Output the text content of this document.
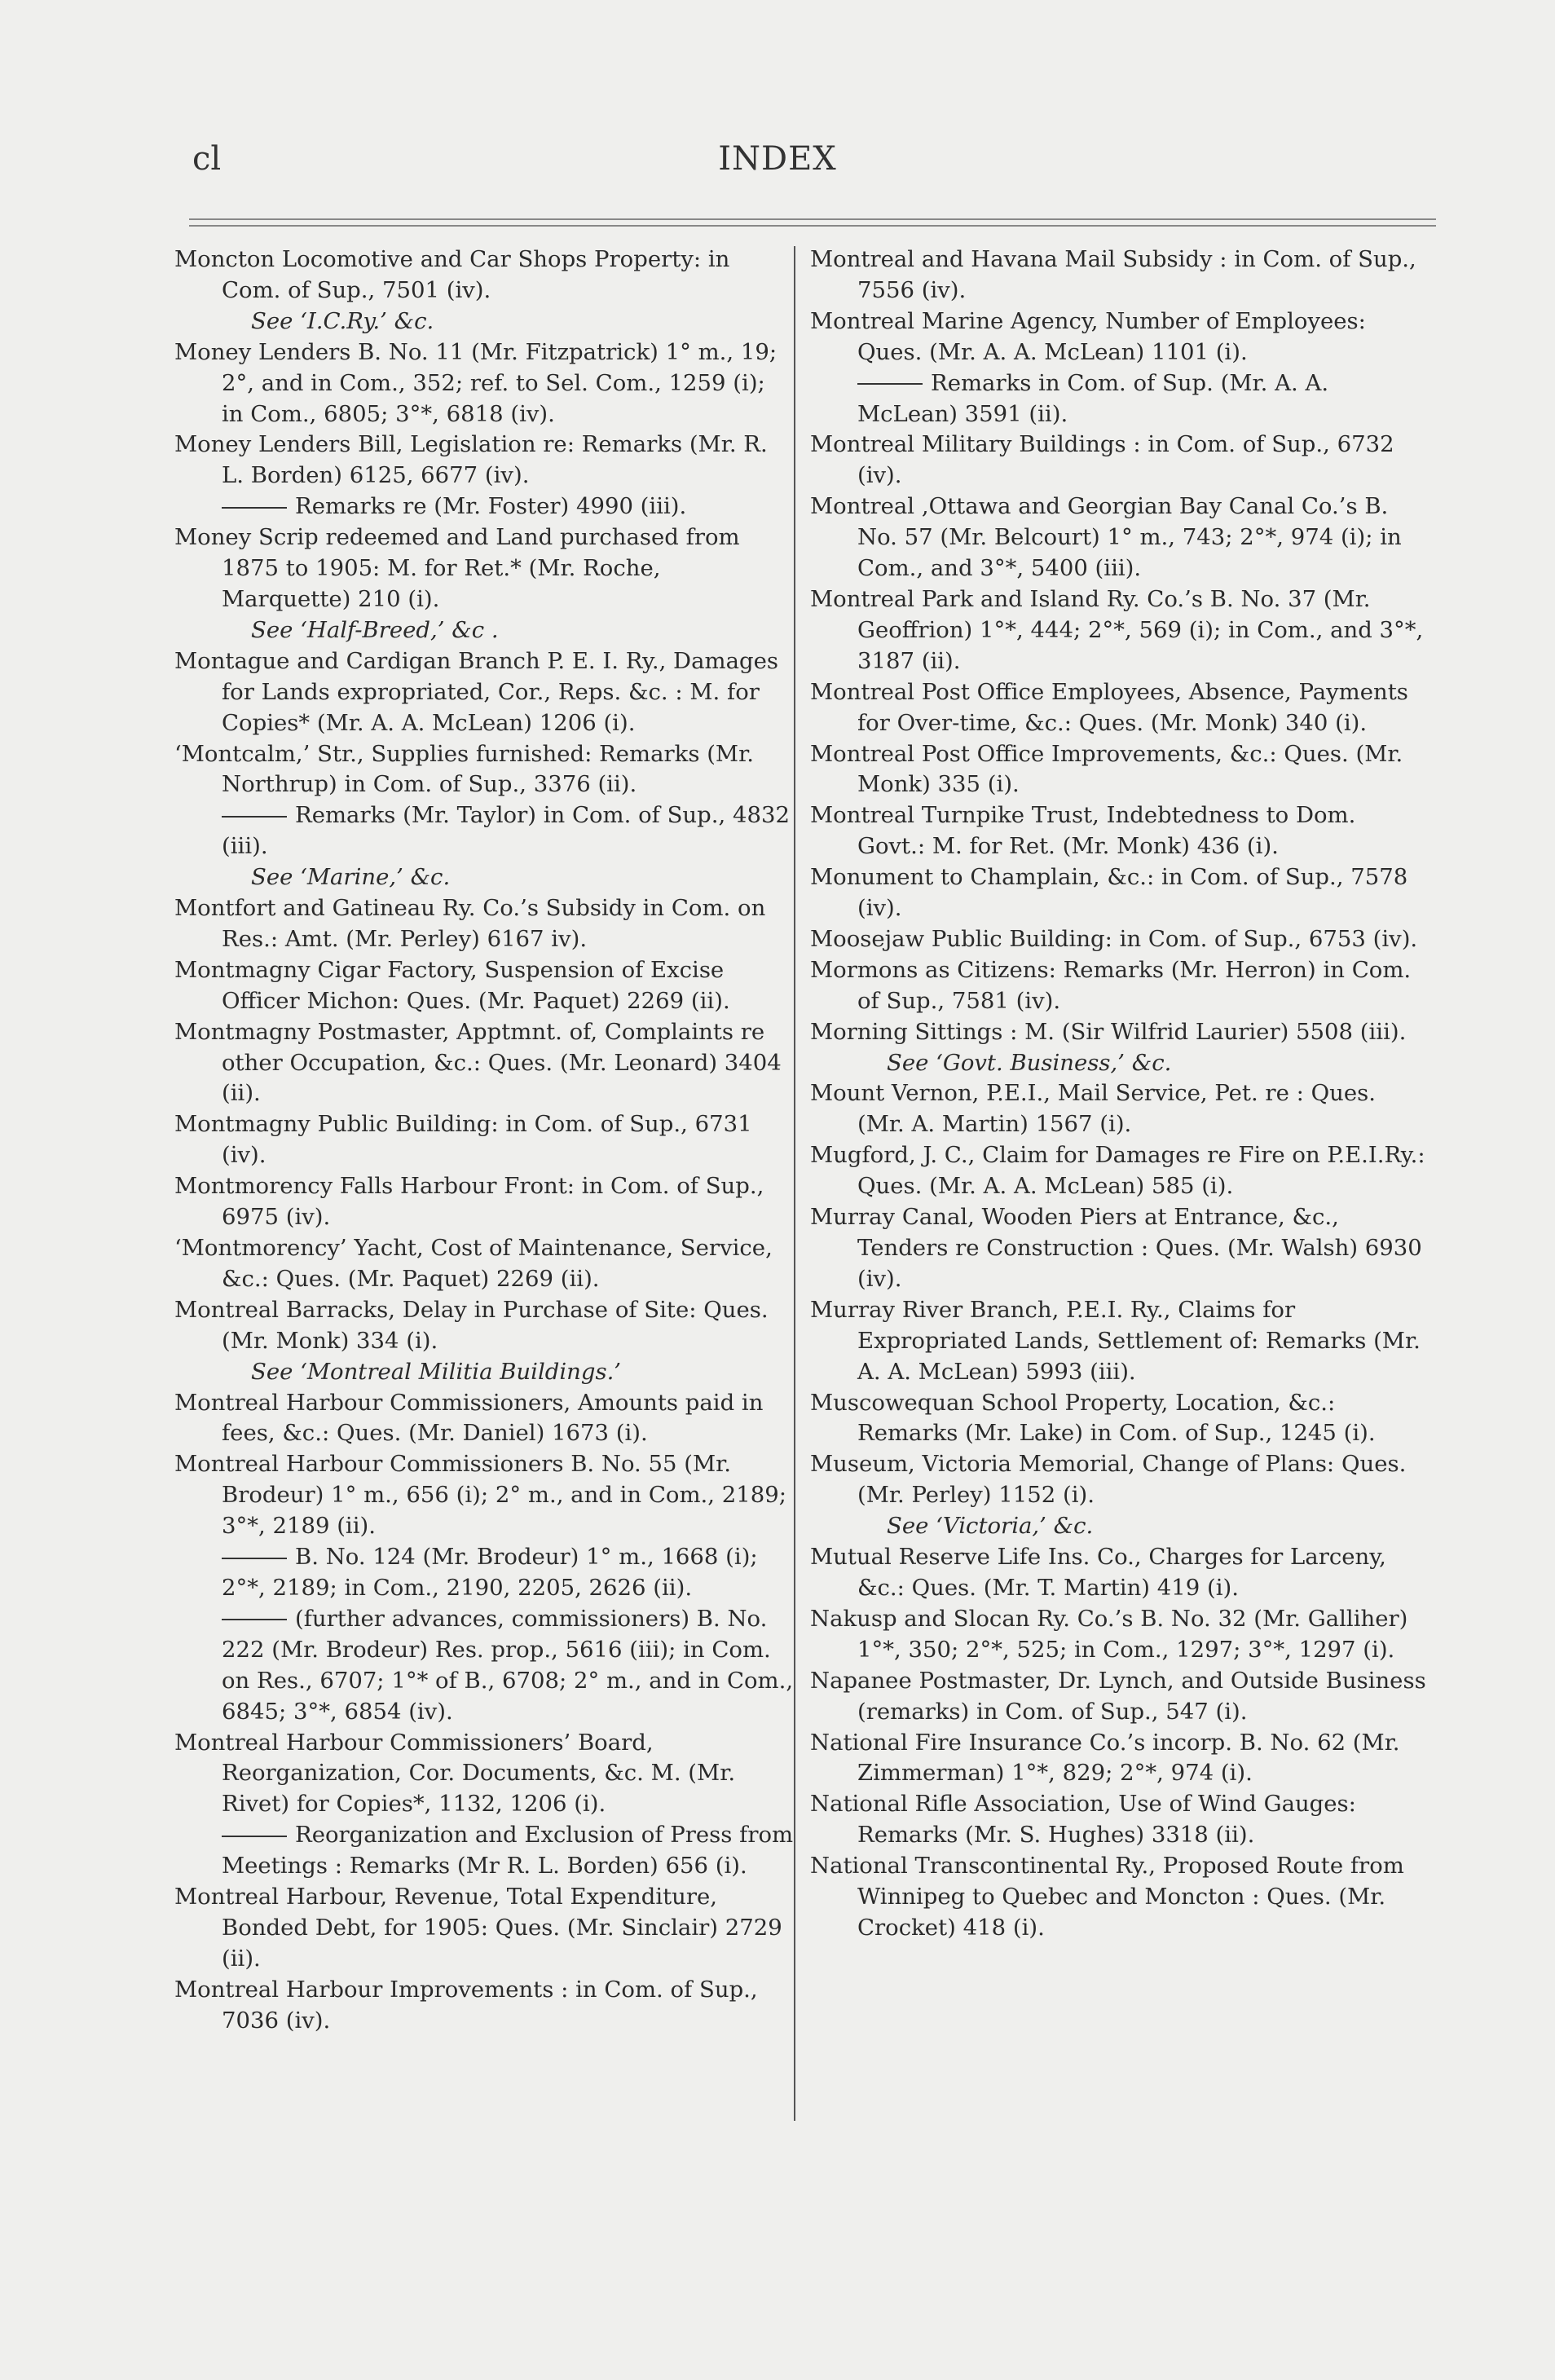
cl	INDEX

Moncton Locomotive and Car Shops Property: in Com. of Sup., 7501 (iv).

See ‘I.C.Ry.’ &c.

Money Lenders B. No. 11 (Mr. Fitzpatrick) 1° m., 19; 2°, and in Com., 352; ref. to Sel. Com., 1259 (i); in Com., 6805; 3°*, 6818 (iv).

Money Lenders Bill, Legislation re: Remarks (Mr. R. L. Borden) 6125, 6677 (iv).

Remarks re (Mr. Foster) 4990 (iii).

Money Scrip redeemed and Land purchased from 1875 to 1905: M. for Ret.* (Mr. Roche, Marquette) 210 (i).

See ‘Half-Breed,’ &c .

Montague and Cardigan Branch P. E. I. Ry., Damages for Lands expropriated, Cor., Reps. &c. : M. for Copies* (Mr. A. A. McLean) 1206 (i).

‘Montcalm,’ Str., Supplies furnished: Remarks (Mr. Northrup) in Com. of Sup., 3376 (ii).

Remarks (Mr. Taylor) in Com. of Sup., 4832 (iii).

See ‘Marine,’ &c.

Montfort and Gatineau Ry. Co.’s Subsidy in Com. on Res.: Amt. (Mr. Perley) 6167 iv).

Montmagny Cigar Factory, Suspension of Excise Officer Michon: Ques. (Mr. Paquet) 2269 (ii).

Montmagny Postmaster, Apptmnt. of, Complaints re other Occupation, &c.: Ques. (Mr. Leonard) 3404 (ii).

Montmagny Public Building: in Com. of Sup., 6731 (iv).

Montmorency Falls Harbour Front: in Com. of Sup., 6975 (iv).

‘Montmorency’ Yacht, Cost of Maintenance, Service, &c.: Ques. (Mr. Paquet) 2269 (ii).

Montreal Barracks, Delay in Purchase of Site: Ques. (Mr. Monk) 334 (i).

See ‘Montreal Militia Buildings.’

Montreal Harbour Commissioners, Amounts paid in fees, &c.: Ques. (Mr. Daniel) 1673 (i).

Montreal Harbour Commissioners B. No. 55 (Mr. Brodeur) 1° m., 656 (i); 2° m., and in Com., 2189; 3°*, 2189 (ii).

B. No. 124 (Mr. Brodeur) 1° m., 1668 (i); 2°*, 2189; in Com., 2190, 2205, 2626 (ii).

(further advances, commissioners) B. No. 222 (Mr. Brodeur) Res. prop., 5616 (iii); in Com. on Res., 6707; 1°* of B., 6708; 2° m., and in Com., 6845; 3°*, 6854 (iv).

Montreal Harbour Commissioners’ Board, Reorganization, Cor. Documents, &c. M. (Mr. Rivet) for Copies*, 1132, 1206 (i).

Reorganization and Exclusion of Press from Meetings : Remarks (Mr R. L. Borden) 656 (i).

Montreal Harbour, Revenue, Total Expenditure, Bonded Debt, for 1905: Ques. (Mr. Sinclair) 2729 (ii).

Montreal Harbour Improvements : in Com. of Sup., 7036 (iv).

Montreal and Havana Mail Subsidy : in Com. of Sup., 7556 (iv).

Montreal Marine Agency, Number of Employees: Ques. (Mr. A. A. McLean) 1101 (i).

Remarks in Com. of Sup. (Mr. A. A. McLean) 3591 (ii).

Montreal Military Buildings : in Com. of Sup., 6732 (iv).

Montreal ,Ottawa and Georgian Bay Canal Co.’s B. No. 57 (Mr. Belcourt) 1° m., 743; 2°*, 974 (i); in Com., and 3°*, 5400 (iii).

Montreal Park and Island Ry. Co.’s B. No. 37 (Mr. Geoffrion) 1°*, 444; 2°*, 569 (i); in Com., and 3°*, 3187 (ii).

Montreal Post Office Employees, Absence, Payments for Over-time, &c.: Ques. (Mr. Monk) 340 (i).

Montreal Post Office Improvements, &c.: Ques. (Mr. Monk) 335 (i).

Montreal Turnpike Trust, Indebtedness to Dom. Govt.: M. for Ret. (Mr. Monk) 436 (i).

Monument to Champlain, &c.: in Com. of Sup., 7578 (iv).

Moosejaw Public Building: in Com. of Sup., 6753 (iv).

Mormons as Citizens: Remarks (Mr. Herron) in Com. of Sup., 7581 (iv).

Morning Sittings : M. (Sir Wilfrid Laurier) 5508 (iii).

See ‘Govt. Business,’ &c.

Mount Vernon, P.E.I., Mail Service, Pet. re : Ques. (Mr. A. Martin) 1567 (i).

Mugford, J. C., Claim for Damages re Fire on P.E.I.Ry.: Ques. (Mr. A. A. McLean) 585 (i).

Murray Canal, Wooden Piers at Entrance, &c., Tenders re Construction : Ques. (Mr. Walsh) 6930 (iv).

Murray River Branch, P.E.I. Ry., Claims for Expropriated Lands, Settlement of: Remarks (Mr. A. A. McLean) 5993 (iii).

Muscowequan School Property, Location, &c.: Remarks (Mr. Lake) in Com. of Sup., 1245 (i).

Museum, Victoria Memorial, Change of Plans: Ques. (Mr. Perley) 1152 (i).

See ‘Victoria,’ &c.

Mutual Reserve Life Ins. Co., Charges for Larceny, &c.: Ques. (Mr. T. Martin) 419 (i).

Nakusp and Slocan Ry. Co.’s B. No. 32 (Mr. Galliher) 1°*, 350; 2°*, 525; in Com., 1297; 3°*, 1297 (i).

Napanee Postmaster, Dr. Lynch, and Outside Business (remarks) in Com. of Sup., 547 (i).

National Fire Insurance Co.’s incorp. B. No. 62 (Mr. Zimmerman) 1°*, 829; 2°*, 974 (i).

National Rifle Association, Use of Wind Gauges: Remarks (Mr. S. Hughes) 3318 (ii).

National Transcontinental Ry., Proposed Route from Winnipeg to Quebec and Moncton : Ques. (Mr. Crocket) 418 (i).
